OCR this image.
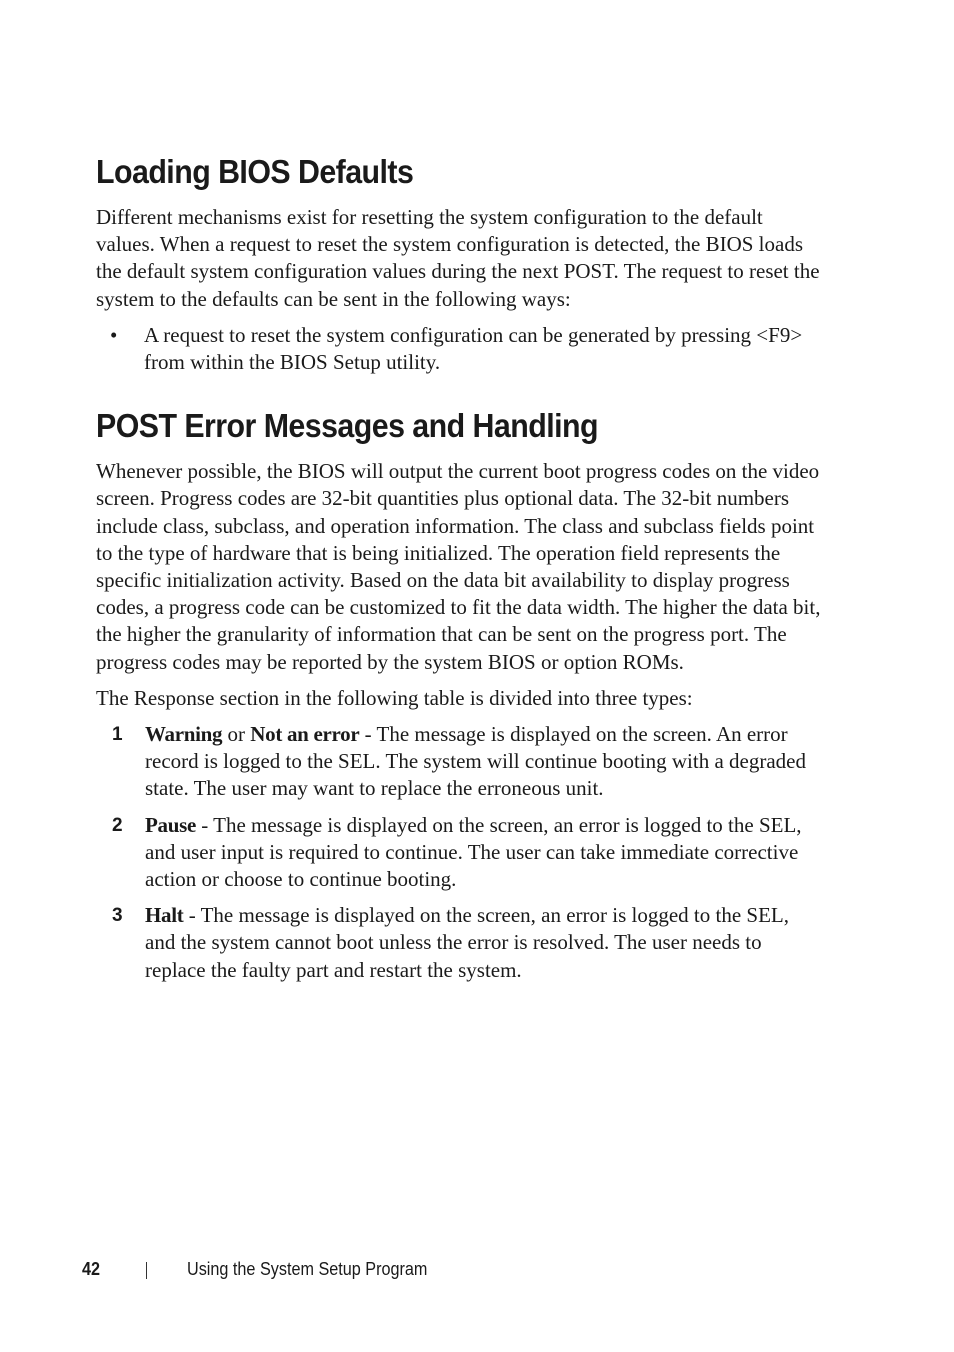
Loading BIOS Defaults

Different mechanisms exist for resetting the system configuration to the default values. When a request to reset the system configuration is detected, the BIOS loads the default system configuration values during the next POST. The request to reset the system to the defaults can be sent in the following ways:

• A request to reset the system configuration can be generated by pressing <F9> from within the BIOS Setup utility.
POST Error Messages and Handling

Whenever possible, the BIOS will output the current boot progress codes on the video screen. Progress codes are 32-bit quantities plus optional data. The 32-bit numbers include class, subclass, and operation information. The class and subclass fields point to the type of hardware that is being initialized. The operation field represents the specific initialization activity. Based on the data bit availability to display progress codes, a progress code can be customized to fit the data width. The higher the data bit, the higher the granularity of information that can be sent on the progress port. The progress codes may be reported by the system BIOS or option ROMs.

The Response section in the following table is divided into three types:

1 Warning or Not an error - The message is displayed on the screen. An error record is logged to the SEL. The system will continue booting with a degraded state. The user may want to replace the erroneous unit.
2 Pause - The message is displayed on the screen, an error is logged to the SEL, and user input is required to continue. The user can take immediate corrective action or choose to continue booting.
3 Halt - The message is displayed on the screen, an error is logged to the SEL, and the system cannot boot unless the error is resolved. The user needs to replace the faulty part and restart the system.
42	Using the System Setup Program
